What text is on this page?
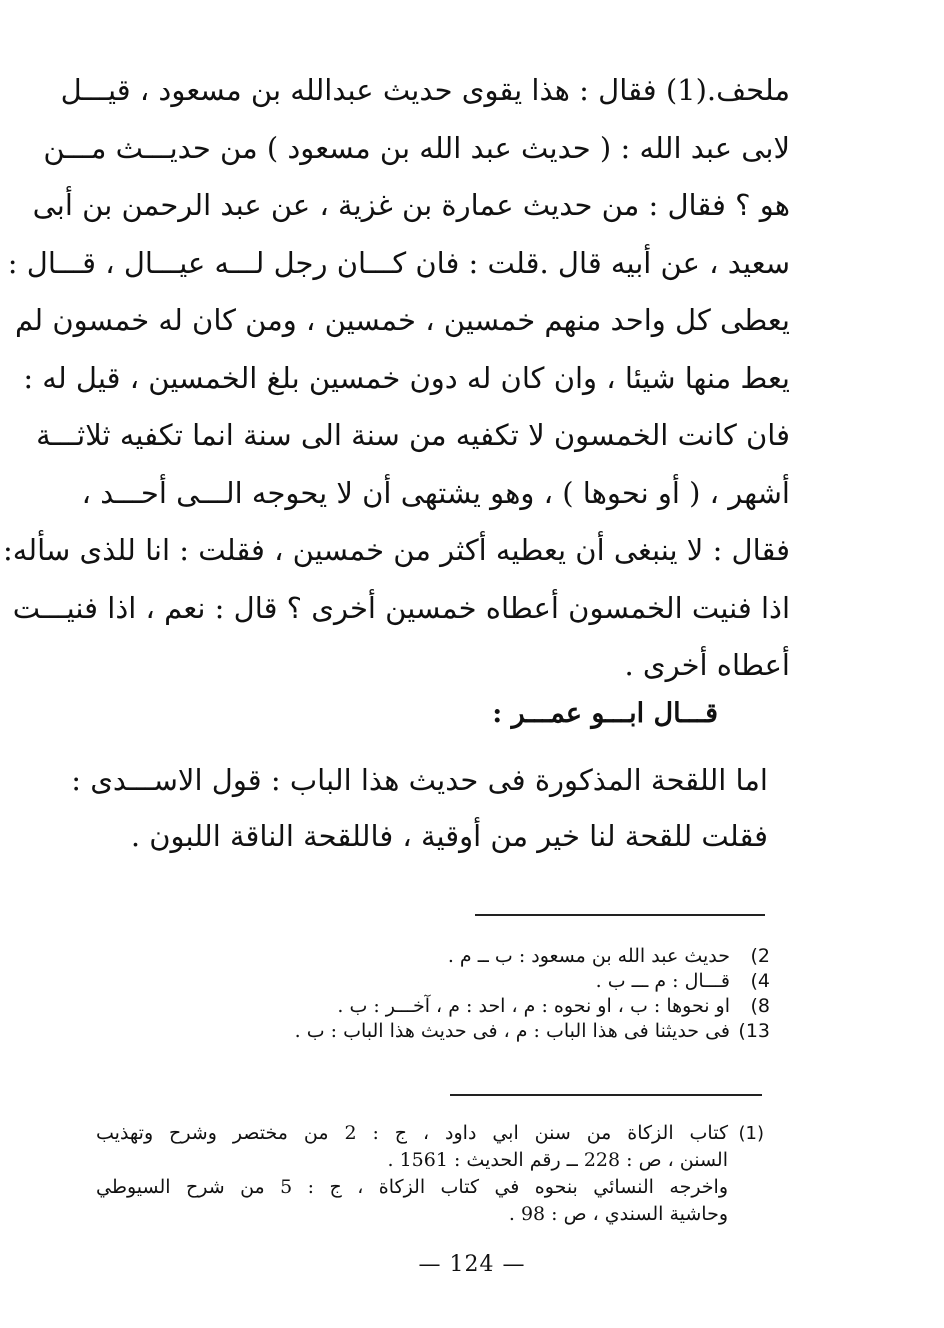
ملحف.(1) فقال : هذا يقوى حديث عبدالله بن مسعود ، قيـــل
لابى عبد الله : ( حديث عبد الله بن مسعود ) من حديـــث مـــن
هو ؟ فقال : من حديث عمارة بن غزية ، عن عبد الرحمن بن أبى
سعيد ، عن أبيه قال .قلت : فان كـــان رجل لـــه عيـــال ، قـــال :
يعطى كل واحد منهم خمسين ، خمسين ، ومن كان له خمسون لم
يعط منها شيئا ، وان كان له دون خمسين بلغ الخمسين ، قيل له :
فان كانت الخمسون لا تكفيه من سنة الى سنة انما تكفيه ثلاثـــة
أشهر ، ( أو نحوها ) ، وهو يشتهى أن لا يحوجه الـــى أحـــد ،
فقال : لا ينبغى أن يعطيه أكثر من خمسين ، فقلت : انا للذى سأله:
اذا فنيت الخمسون أعطاه خمسين أخرى ؟ قال : نعم ، اذا فنيـــت
أعطاه أخرى .
قـــال ابـــو عمـــر :
اما اللقحة المذكورة فى حديث هذا الباب : قول الاســـدى :
فقلت للقحة لنا خير من أوقية ، فاللقحة الناقة اللبون .
2)
حديث عبد الله بن مسعود : ب ــ م .
4)
قـــال : م ـــ ب .
8)
او نحوها : ب ، او نحوه : م ، احد : م ، آخـــر : ب .
13)
فى حديثنا فى هذا الباب : م ، فى حديث هذا الباب : ب .
(1)
كتاب الزكاة من سنن ابي داود ، ج : 2 من مختصر وشرح وتهذيب
السنن ، ص : 228 ــ رقم الحديث : 1561 .
واخرجه النسائي بنحوه في كتاب الزكاة ، ج : 5 من شرح السيوطي
وحاشية السندي ، ص : 98 .
— 124 —
